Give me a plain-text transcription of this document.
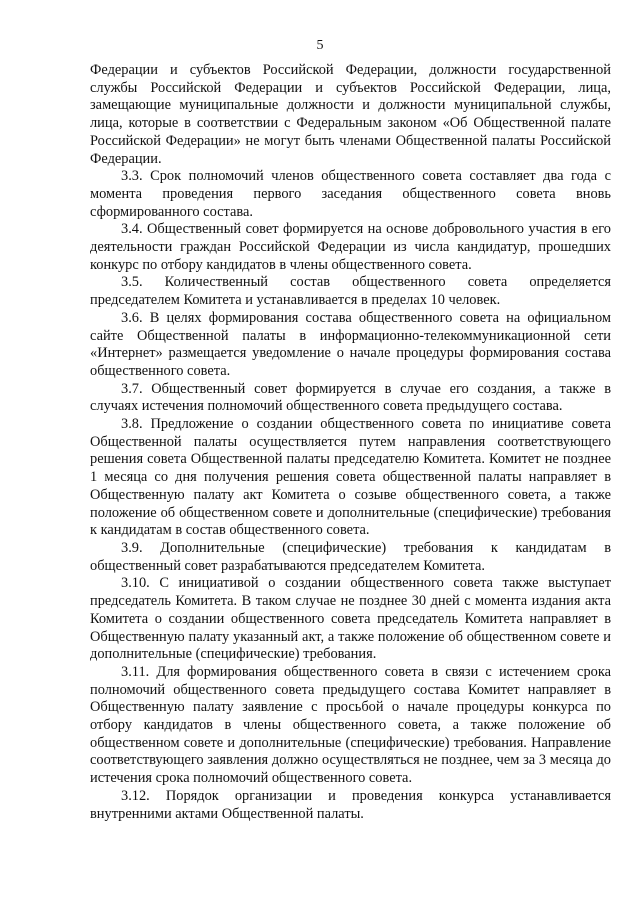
5

Федерации и субъектов Российской Федерации, должности государственной службы Российской Федерации и субъектов Российской Федерации, лица, замещающие муниципальные должности и должности муниципальной службы, лица, которые в соответствии с Федеральным законом «Об Общественной палате Российской Федерации» не могут быть членами Общественной палаты Российской Федерации.

3.3. Срок полномочий членов общественного совета составляет два года с момента проведения первого заседания общественного совета вновь сформированного состава.

3.4. Общественный совет формируется на основе добровольного участия в его деятельности граждан Российской Федерации из числа кандидатур, прошедших конкурс по отбору кандидатов в члены общественного совета.

3.5. Количественный состав общественного совета определяется председателем Комитета и устанавливается в пределах 10 человек.

3.6. В целях формирования состава общественного совета на официальном сайте Общественной палаты в информационно-телекоммуникационной сети «Интернет» размещается уведомление о начале процедуры формирования состава общественного совета.

3.7. Общественный совет формируется в случае его создания, а также в случаях истечения полномочий общественного совета предыдущего состава.

3.8. Предложение о создании общественного совета по инициативе совета Общественной палаты осуществляется путем направления соответствующего решения совета Общественной палаты председателю Комитета. Комитет не позднее 1 месяца со дня получения решения совета общественной палаты направляет в Общественную палату акт Комитета о созыве общественного совета, а также положение об общественном совете и дополнительные (специфические) требования к кандидатам в состав общественного совета.

3.9. Дополнительные (специфические) требования к кандидатам в общественный совет разрабатываются председателем Комитета.

3.10. С инициативой о создании общественного совета также выступает председатель Комитета. В таком случае не позднее 30 дней с момента издания акта Комитета о создании общественного совета председатель Комитета направляет в Общественную палату указанный акт, а также положение об общественном совете и дополнительные (специфические) требования.

3.11. Для формирования общественного совета в связи с истечением срока полномочий общественного совета предыдущего состава Комитет направляет в Общественную палату заявление с просьбой о начале процедуры конкурса по отбору кандидатов в члены общественного совета, а также положение об общественном совете и дополнительные (специфические) требования. Направление соответствующего заявления должно осуществляться не позднее, чем за 3 месяца до истечения срока полномочий общественного совета.

3.12. Порядок организации и проведения конкурса устанавливается внутренними актами Общественной палаты.
